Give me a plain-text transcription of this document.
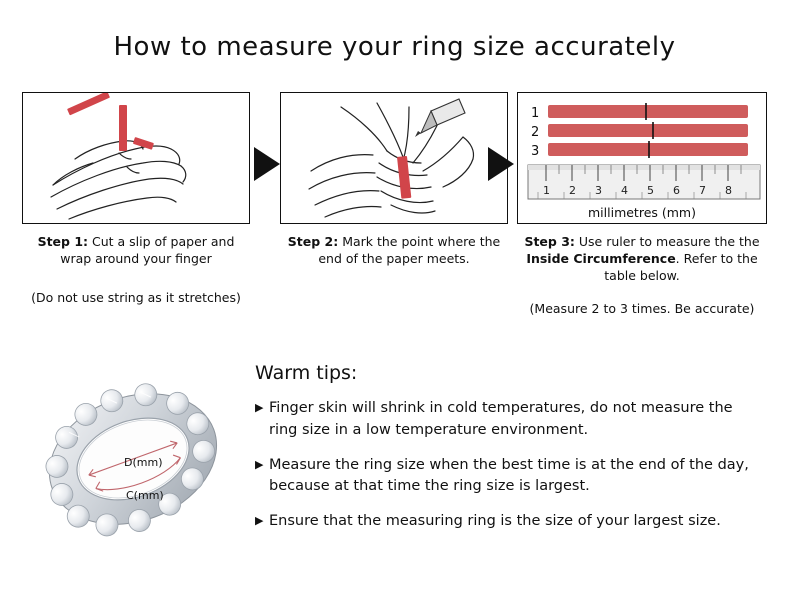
How to measure your ring size accurately
Step 1: Cut a slip of paper and wrap around your finger
(Do not use string as it stretches)
Step 2: Mark the point where the end of the paper meets.
1
2
3
1 2 3 4 5 6 7 8
millimetres (mm)
Step 3: Use ruler to measure the the Inside Circumference. Refer to the table below.
(Measure 2 to 3 times. Be accurate)
D(mm)
C(mm)
Warm tips:
▶ Finger skin will shrink in cold temperatures, do not measure the ring size in a low temperature environment.
▶ Measure the ring size when the best time is at the end of the day, because at that time the ring size is largest.
▶ Ensure that the measuring ring is the size of your largest size.
